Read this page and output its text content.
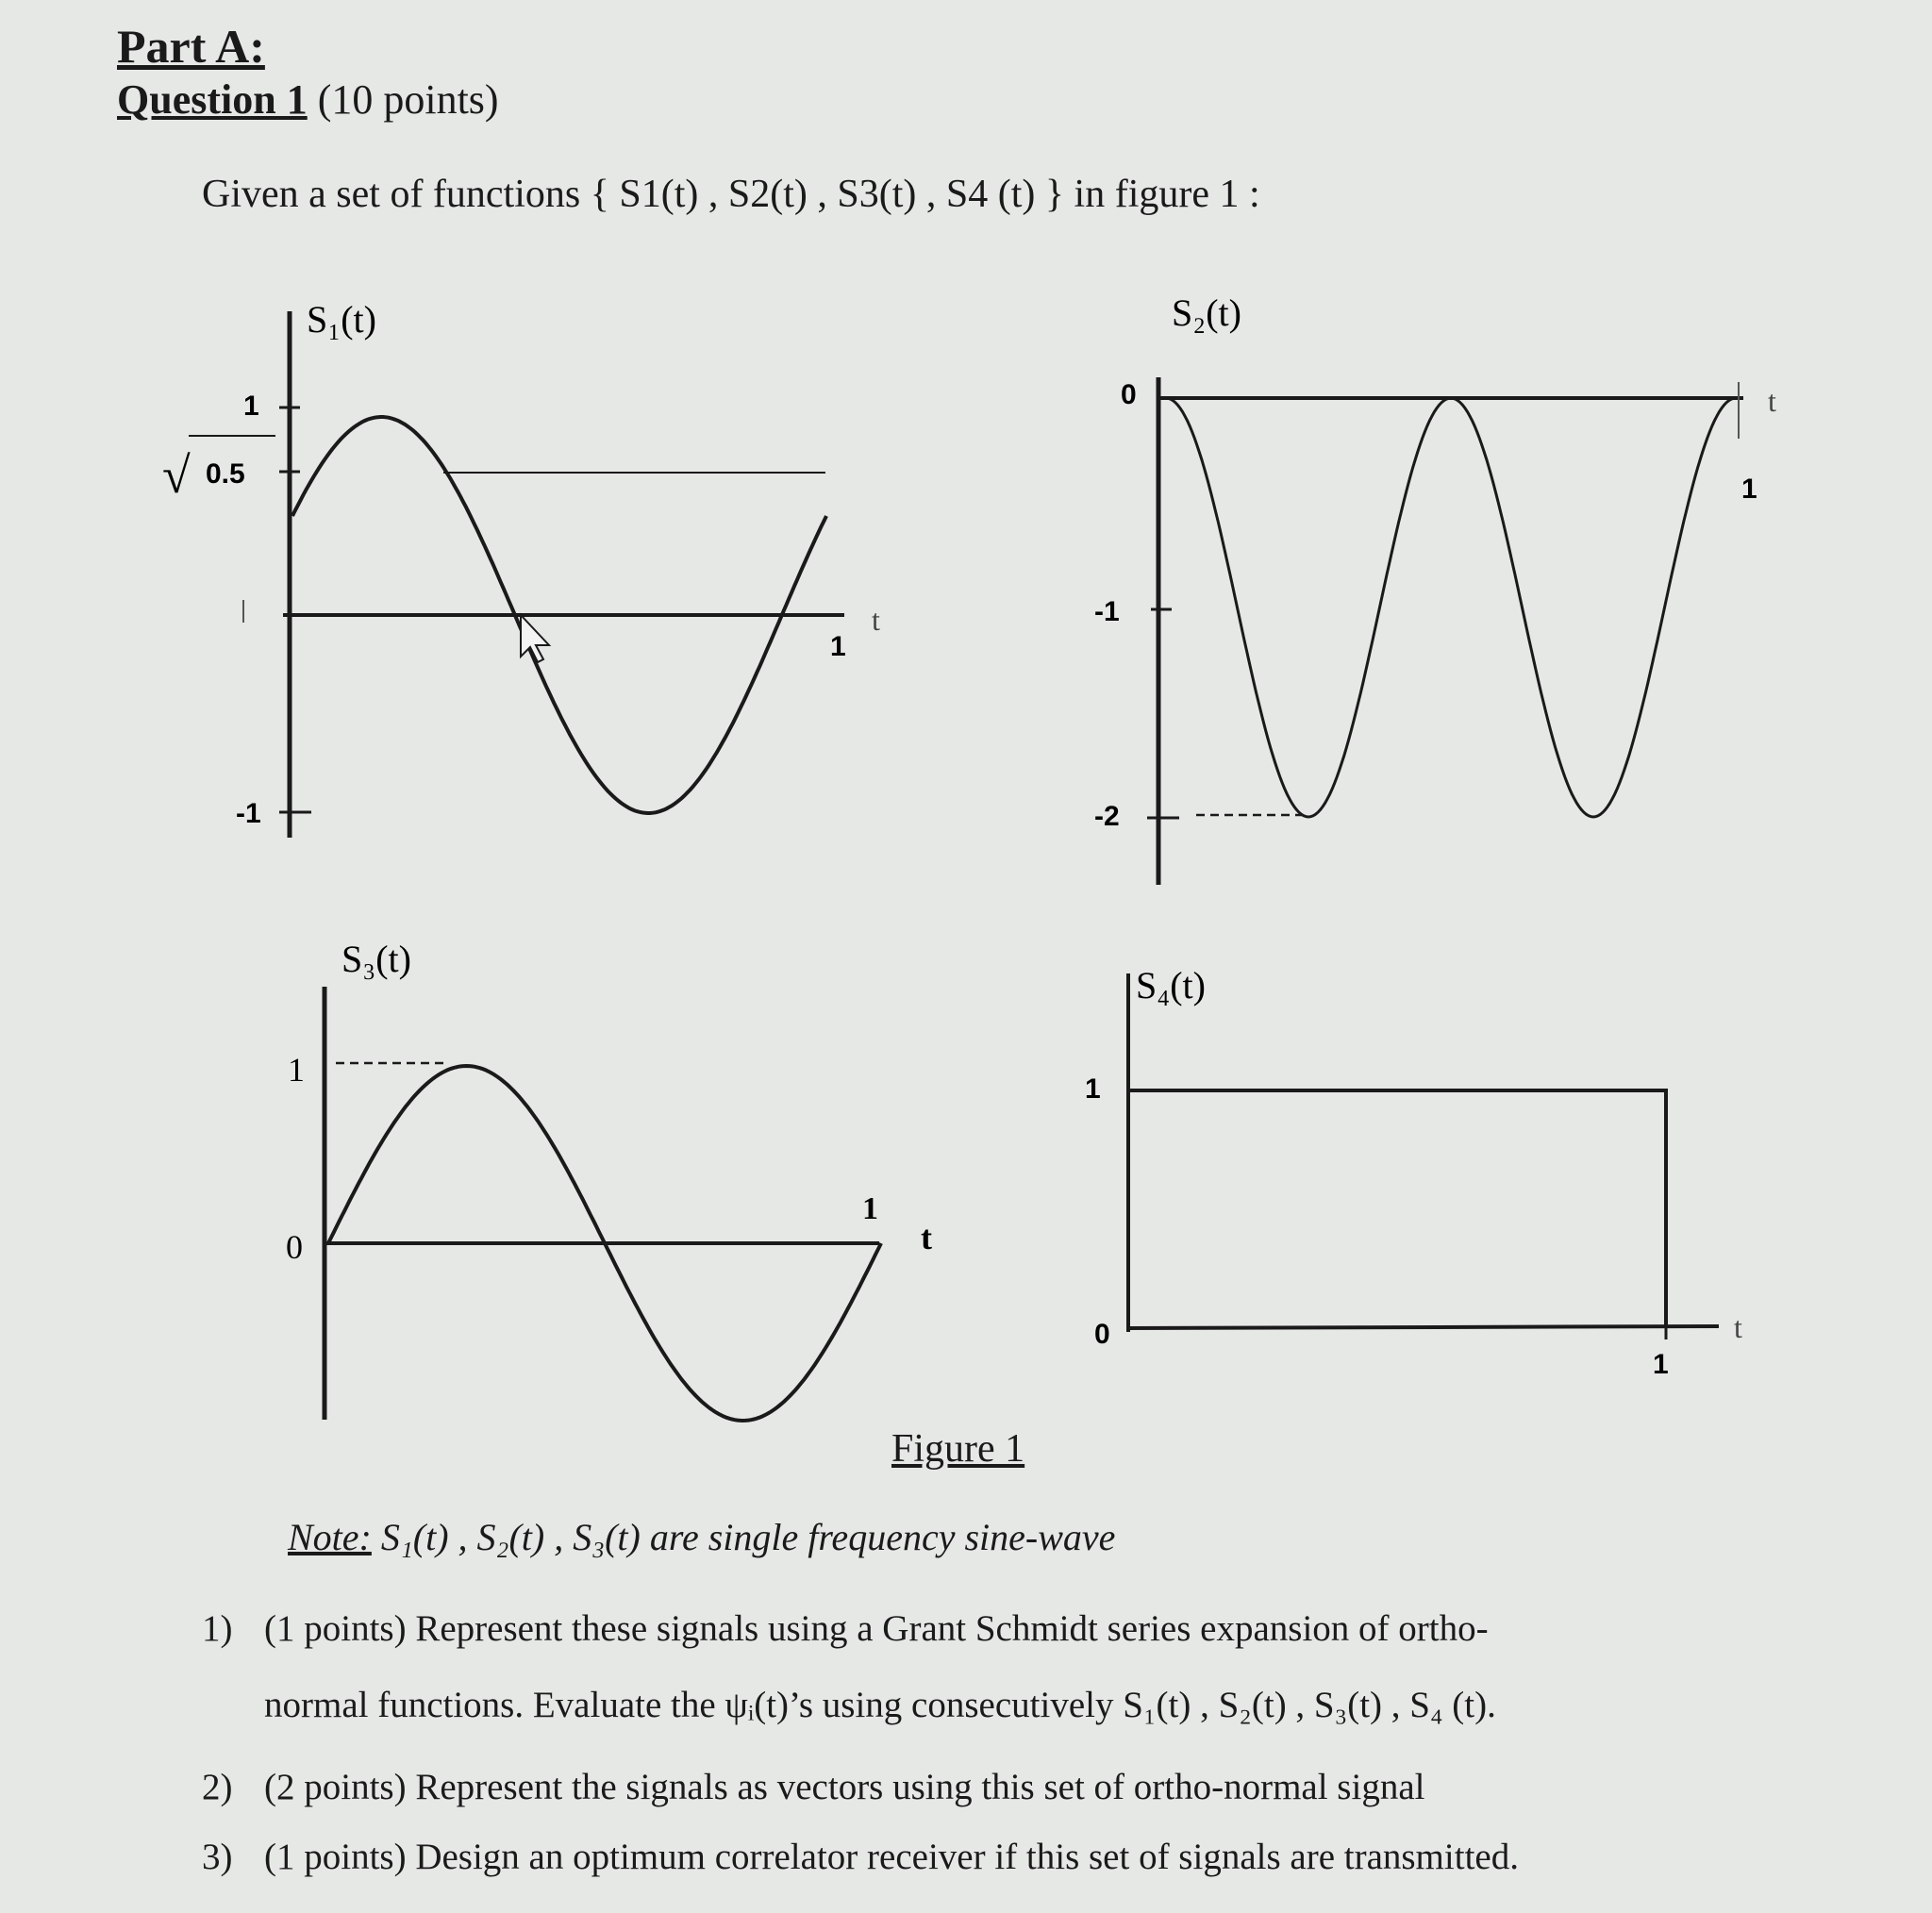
Part A:
Question 1 (10 points)
Given a set of functions { S1(t) , S2(t) , S3(t) , S4 (t) } in figure 1 :
S₁(t)
1
0.5
√
-1
1
t
S₂(t)
0
-1
-2
1
t
S₃(t)
1
0
1
t
S₄(t)
1
0
1
t
Figure 1
Note: S₁(t) , S₂(t) , S₃(t) are single frequency sine-wave
1) (1 points) Represent these signals using a Grant Schmidt series expansion of ortho-
normal functions. Evaluate the ψᵢ(t)’s using consecutively S₁(t) , S₂(t) , S₃(t) , S₄ (t).
2) (2 points) Represent the signals as vectors using this set of ortho-normal signal
3) (1 points) Design an optimum correlator receiver if this set of signals are transmitted.
